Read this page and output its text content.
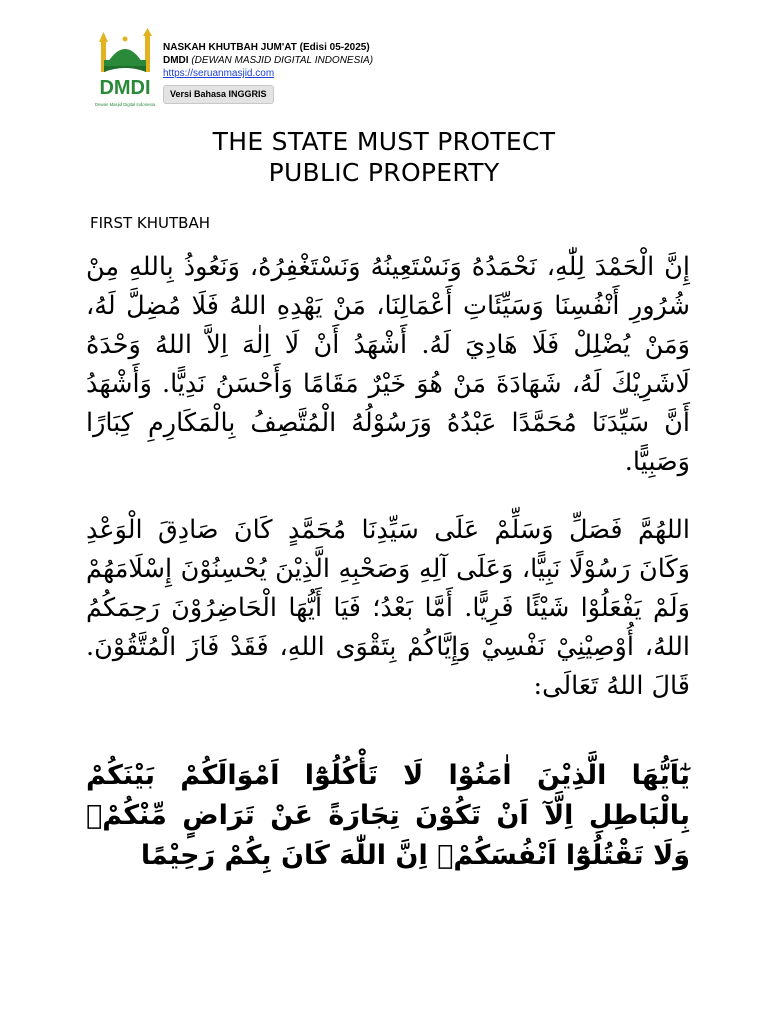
DMDI
Dewan Masjid Digital Indonesia
NASKAH KHUTBAH JUM'AT (Edisi 05-2025)
DMDI (DEWAN MASJID DIGITAL INDONESIA)
https://seruanmasjid.com
Versi Bahasa INGGRIS
THE STATE MUST PROTECT
PUBLIC PROPERTY
FIRST KHUTBAH
إِنَّ الْحَمْدَ لِلّٰهِ، نَحْمَدُهُ وَنَسْتَعِينُهُ وَنَسْتَغْفِرُهُ، وَنَعُوذُ بِاللهِ مِنْ شُرُورِ أَنْفُسِنَا وَسَيِّئَاتِ أَعْمَالِنَا، مَنْ يَهْدِهِ اللهُ فَلَا مُضِلَّ لَهُ، وَمَنْ يُضْلِلْ فَلَا هَادِيَ لَهُ. أَشْهَدُ أَنْ لَا اِلٰهَ اِلاَّ اللهُ وَحْدَهُ لَاشَرِيْكَ لَهُ، شَهَادَةَ مَنْ هُوَ خَيْرٌ مَقَامًا وَأَحْسَنُ نَدِيًّا. وَأَشْهَدُ أَنَّ سَيِّدَنَا مُحَمَّدًا عَبْدُهُ وَرَسُوْلُهُ الْمُتَّصِفُ بِالْمَكَارِمِ كِبَارًا وَصَبِيًّا.
اللهُمَّ فَصَلِّ وَسَلِّمْ عَلَى سَيِّدِنَا مُحَمَّدٍ كَانَ صَادِقَ الْوَعْدِ وَكَانَ رَسُوْلًا نَبِيًّا، وَعَلَى آلِهِ وَصَحْبِهِ الَّذِيْنَ يُحْسِنُوْنَ إِسْلَامَهُمْ وَلَمْ يَفْعَلُوْا شَيْئًا فَرِيًّا. أَمَّا بَعْدُ؛ فَيَا أَيُّهَا الْحَاضِرُوْنَ رَحِمَكُمُ اللهُ، أُوْصِيْنِيْ نَفْسِيْ وَإِيَّاكُمْ بِتَقْوَى اللهِ، فَقَدْ فَازَ الْمُتَّقُوْنَ. قَالَ اللهُ تَعَالَى:
يٰٓاَيُّهَا الَّذِيْنَ اٰمَنُوْا لَا تَأْكُلُوْٓا اَمْوَالَكُمْ بَيْنَكُمْ بِالْبَاطِلِ اِلَّآ اَنْ تَكُوْنَ تِجَارَةً عَنْ تَرَاضٍ مِّنْكُمْۗ وَلَا تَقْتُلُوْٓا اَنْفُسَكُمْۗ اِنَّ اللّٰهَ كَانَ بِكُمْ رَحِيْمًا
